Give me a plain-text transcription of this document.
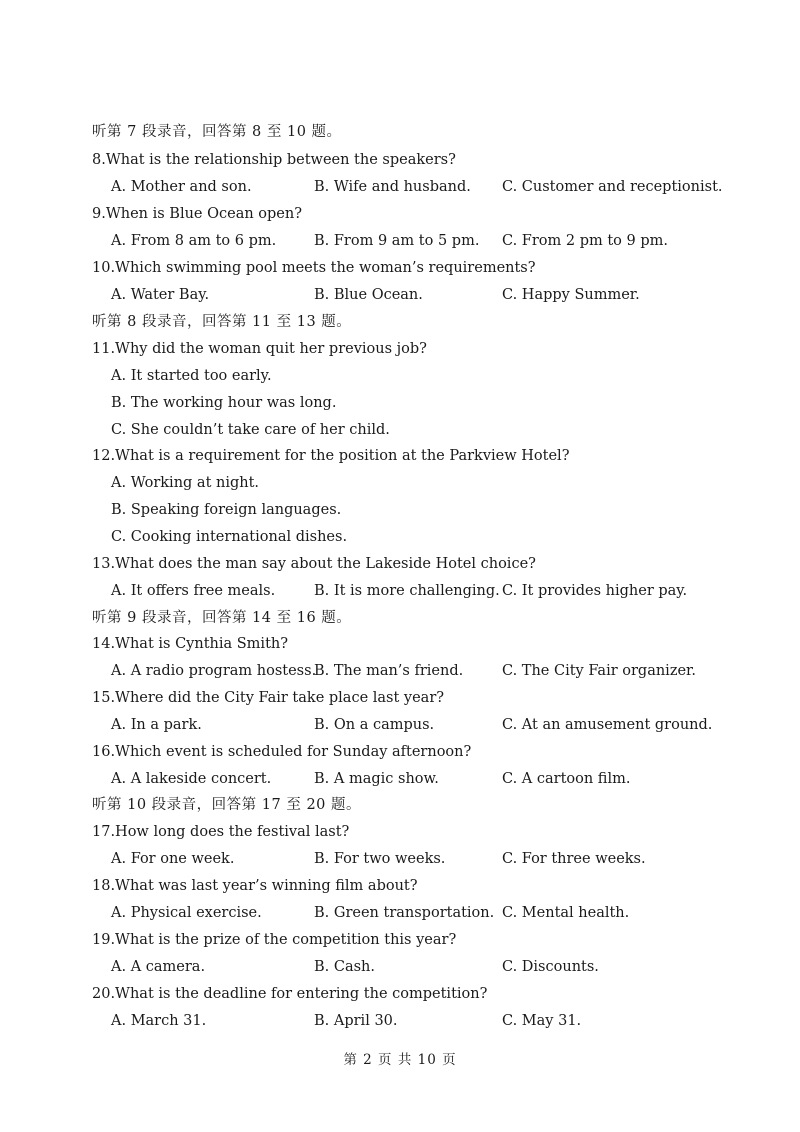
听第 7 段录音，回答第 8 至 10 题。
8.What is the relationship between the speakers?
A. Mother and son.	B. Wife and husband. C. Customer and receptionist.
9.When is Blue Ocean open?
A. From 8 am to 6 pm.	B. From 9 am to 5 pm. C. From 2 pm to 9 pm.
10.Which swimming pool meets the woman’s requirements?
A. Water Bay.	B. Blue Ocean.	C. Happy Summer.
听第 8 段录音，回答第 11 至 13 题。
11.Why did the woman quit her previous job?
A. It started too early.
B. The working hour was long.
C. She couldn’t take care of her child.
12.What is a requirement for the position at the Parkview Hotel?
A. Working at night.
B. Speaking foreign languages.
C. Cooking international dishes.
13.What does the man say about the Lakeside Hotel choice?
A. It offers free meals.	B. It is more challenging. C. It provides higher pay.
听第 9 段录音，回答第 14 至 16 题。
14.What is Cynthia Smith?
A. A radio program hostess.
B. The man’s friend.	C. The City Fair organizer.
15.Where did the City Fair take place last year?
A. In a park.	B. On a campus.	C. At an amusement ground.
16.Which event is scheduled for Sunday afternoon?
A. A lakeside concert.	B. A magic show.	C. A cartoon film.
听第 10 段录音，回答第 17 至 20 题。
17.How long does the festival last?
A. For one week.	B. For two weeks.	C. For three weeks.
18.What was last year’s winning film about?
A. Physical exercise.	B. Green transportation. C. Mental health.
19.What is the prize of the competition this year?
A. A camera.	B. Cash.	C. Discounts.
20.What is the deadline for entering the competition?
A. March 31.	B. April 30.	C. May 31.
第 2 页 共 10 页
